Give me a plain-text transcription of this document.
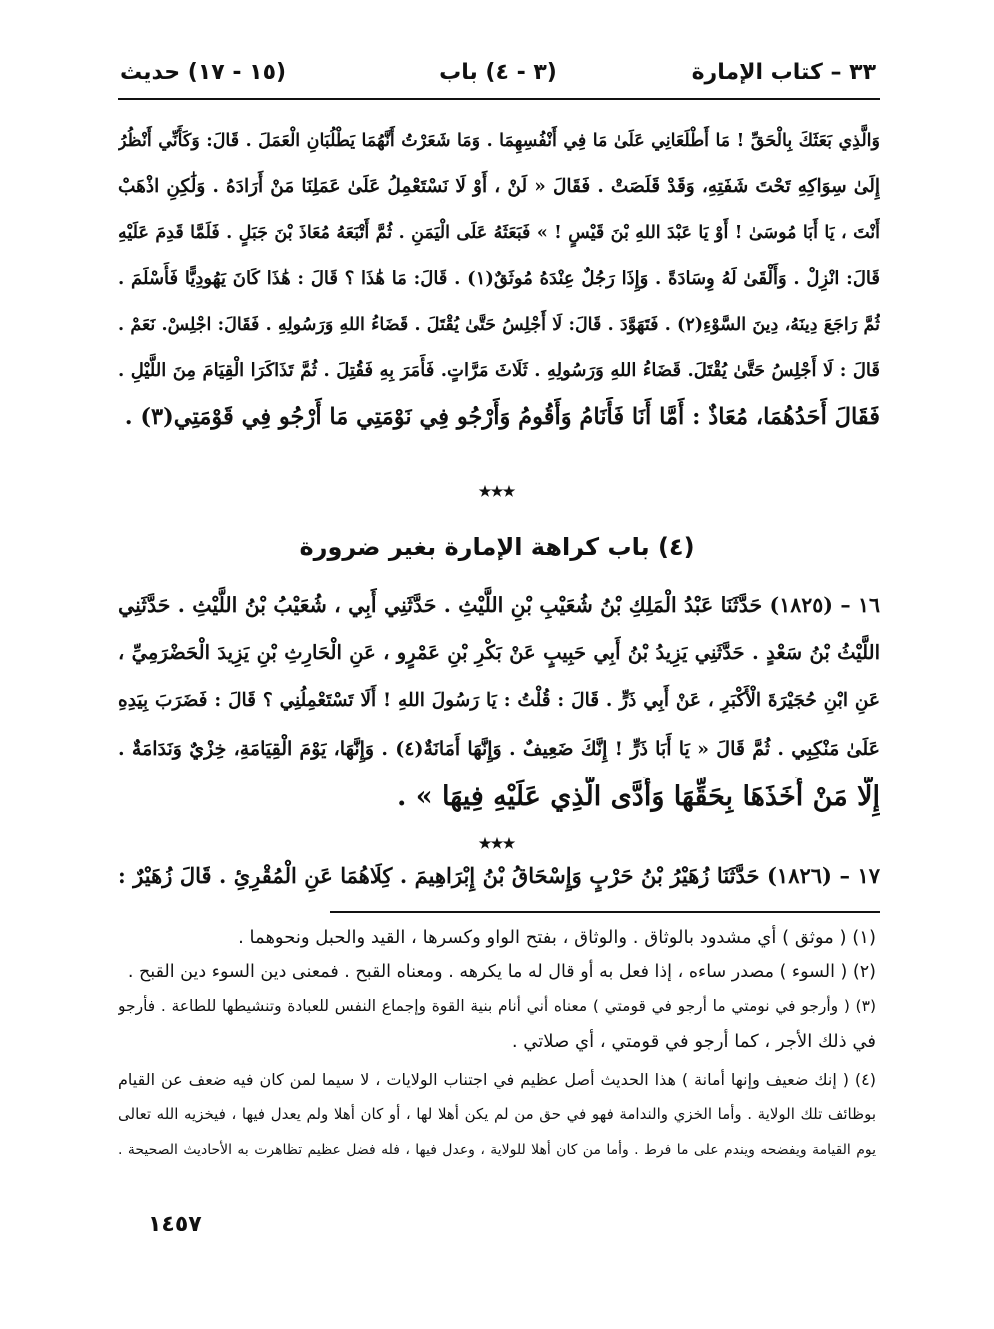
٣٣ – كتاب الإمارة
(٣ - ٤) باب
(١٥ - ١٧) حديث
وَالَّذِي بَعَثَكَ بِالْحَقِّ ! مَا أَطْلَعَانِي عَلَىٰ مَا فِي أَنْفُسِهِمَا . وَمَا شَعَرْتُ أَنَّهُمَا يَطْلُبَانِ الْعَمَلَ . قَالَ: وَكَأَنِّي أَنْظُرُ
إِلَىٰ سِوَاكِهِ تَحْتَ شَفَتِهِ، وَقَدْ قَلَصَتْ . فَقَالَ « لَنْ ، أَوْ لَا نَسْتَعْمِلُ عَلَىٰ عَمَلِنَا مَنْ أَرَادَهُ . وَلَٰكِنِ اذْهَبْ
أَنْتَ ، يَا أَبَا مُوسَىٰ ! أَوْ يَا عَبْدَ اللهِ بْنَ قَيْسٍ ! » فَبَعَثَهُ عَلَى الْيَمَنِ . ثُمَّ أَتْبَعَهُ مُعَاذَ بْنَ جَبَلٍ . فَلَمَّا قَدِمَ عَلَيْهِ
قَالَ: انْزِلْ . وَأَلْقَىٰ لَهُ وِسَادَةً . وَإِذَا رَجُلٌ عِنْدَهُ مُوثَقٌ(١) . قَالَ: مَا هَٰذَا ؟ قَالَ : هَٰذَا كَانَ يَهُودِيًّا فَأَسْلَمَ .
ثُمَّ رَاجَعَ دِينَهُ، دِينَ السَّوْءِ(٢) . فَتَهَوَّدَ . قَالَ: لَا أَجْلِسُ حَتَّىٰ يُقْتَلَ . قَضَاءُ اللهِ وَرَسُولِهِ . فَقَالَ: اجْلِسْ. نَعَمْ .
قَالَ : لَا أَجْلِسُ حَتَّىٰ يُقْتَلَ. قَضَاءُ اللهِ وَرَسُولِهِ . ثَلَاثَ مَرَّاتٍ. فَأَمَرَ بِهِ فَقُتِلَ . ثُمَّ تَذَاكَرَا الْقِيَامَ مِنَ اللَّيْلِ .
فَقَالَ أَحَدُهُمَا، مُعَاذٌ : أَمَّا أَنَا فَأَنَامُ وَأَقُومُ وَأَرْجُو فِي نَوْمَتِي مَا أَرْجُو فِي قَوْمَتِي(٣) .
٭٭٭
(٤) باب كراهة الإمارة بغير ضرورة
١٦ – (١٨٢٥) حَدَّثَنَا عَبْدُ الْمَلِكِ بْنُ شُعَيْبِ بْنِ اللَّيْثِ . حَدَّثَنِي أَبِي ، شُعَيْبُ بْنُ اللَّيْثِ . حَدَّثَنِي
اللَّيْثُ بْنُ سَعْدٍ . حَدَّثَنِي يَزِيدُ بْنُ أَبِي حَبِيبٍ عَنْ بَكْرِ بْنِ عَمْرٍو ، عَنِ الْحَارِثِ بْنِ يَزِيدَ الْحَضْرَمِيِّ ،
عَنِ ابْنِ حُجَيْرَةَ الْأَكْبَرِ ، عَنْ أَبِي ذَرٍّ . قَالَ : قُلْتُ : يَا رَسُولَ اللهِ ! أَلَا تَسْتَعْمِلُنِي ؟ قَالَ : فَضَرَبَ بِيَدِهِ
عَلَىٰ مَنْكِبِي . ثُمَّ قَالَ « يَا أَبَا ذَرٍّ ! إِنَّكَ ضَعِيفٌ . وَإِنَّهَا أَمَانَةٌ(٤) . وَإِنَّهَا، يَوْمَ الْقِيَامَةِ، خِزْيٌ وَنَدَامَةٌ .
إِلَّا مَنْ أَخَذَهَا بِحَقِّهَا وَأَدَّى الَّذِي عَلَيْهِ فِيهَا » .
٭٭٭
١٧ – (١٨٢٦) حَدَّثَنَا زُهَيْرُ بْنُ حَرْبٍ وَإِسْحَاقُ بْنُ إِبْرَاهِيمَ . كِلَاهُمَا عَنِ الْمُقْرِئِ . قَالَ زُهَيْرٌ :
(١) ( موثق ) أي مشدود بالوثاق . والوثاق ، بفتح الواو وكسرها ، القيد والحبل ونحوهما .
(٢) ( السوء ) مصدر ساءه ، إذا فعل به أو قال له ما يكرهه . ومعناه القبح . فمعنى دين السوء دين القبح .
(٣) ( وأرجو في نومتي ما أرجو في قومتي ) معناه أني أنام بنية القوة وإجماع النفس للعبادة وتنشيطها للطاعة . فأرجو
في ذلك الأجر ، كما أرجو في قومتي ، أي صلاتي .
(٤) ( إنك ضعيف وإنها أمانة ) هذا الحديث أصل عظيم في اجتناب الولايات ، لا سيما لمن كان فيه ضعف عن القيام
بوظائف تلك الولاية . وأما الخزي والندامة فهو في حق من لم يكن أهلا لها ، أو كان أهلا ولم يعدل فيها ، فيخزيه الله تعالى
يوم القيامة ويفضحه ويندم على ما فرط . وأما من كان أهلا للولاية ، وعدل فيها ، فله فضل عظيم تظاهرت به الأحاديث الصحيحة .
١٤٥٧
